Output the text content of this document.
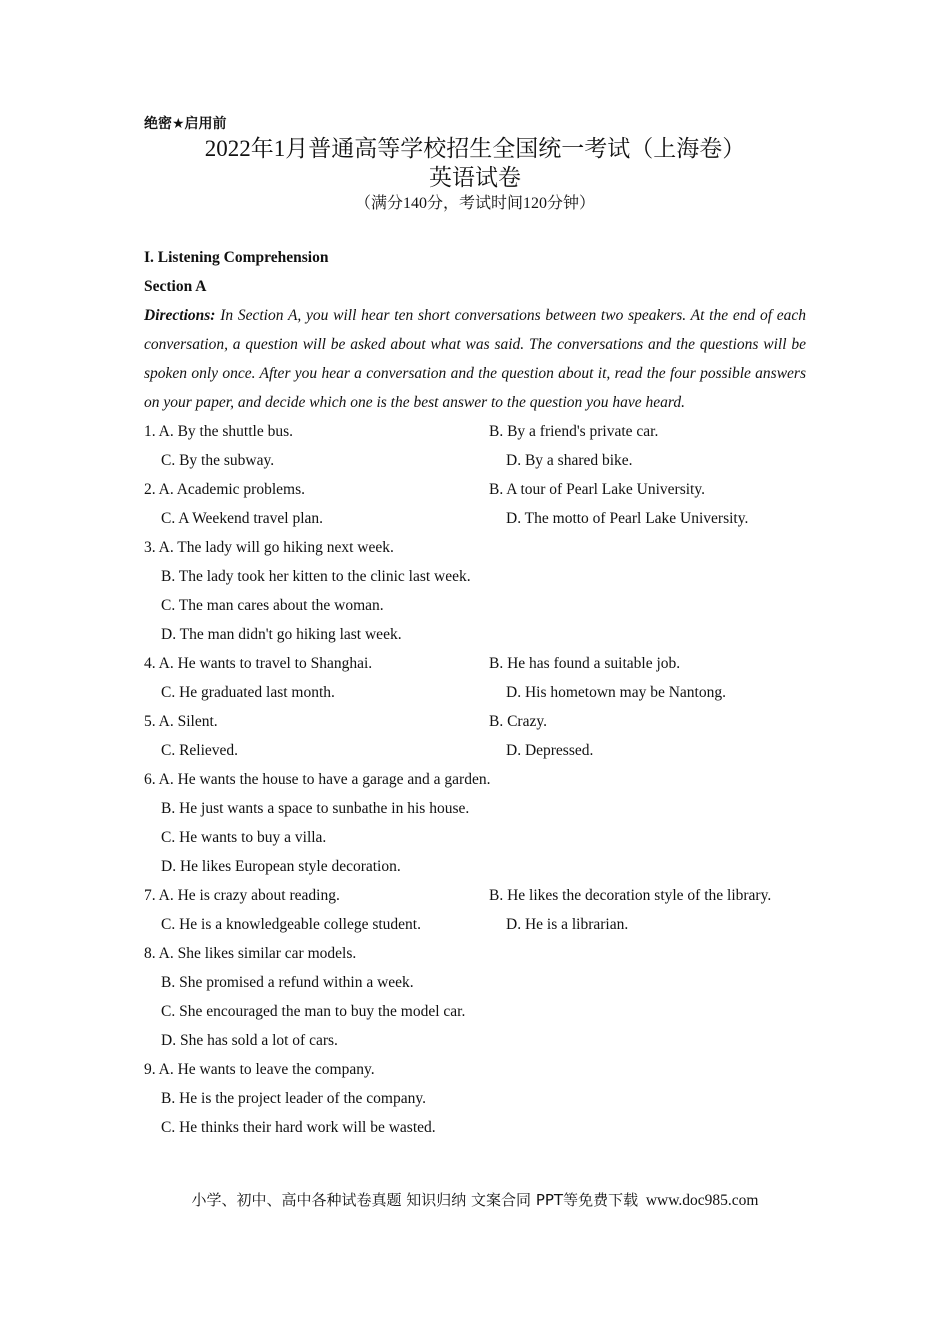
绝密★启用前
2022年1月普通高等学校招生全国统一考试（上海卷）
英语试卷
（满分140分，考试时间120分钟）
I. Listening Comprehension
Section A
Directions: In Section A, you will hear ten short conversations between two speakers. At the end of each conversation, a question will be asked about what was said. The conversations and the questions will be spoken only once. After you hear a conversation and the question about it, read the four possible answers on your paper, and decide which one is the best answer to the question you have heard.
1. A. By the shuttle bus.	B. By a friend's private car.
C. By the subway.	D. By a shared bike.
2. A. Academic problems.	B. A tour of Pearl Lake University.
C. A Weekend travel plan.	D. The motto of Pearl Lake University.
3. A. The lady will go hiking next week.
B. The lady took her kitten to the clinic last week.
C. The man cares about the woman.
D. The man didn't go hiking last week.
4. A. He wants to travel to Shanghai.	B. He has found a suitable job.
C. He graduated last month.	D. His hometown may be Nantong.
5. A. Silent.	B. Crazy.
C. Relieved.	D. Depressed.
6. A. He wants the house to have a garage and a garden.
B. He just wants a space to sunbathe in his house.
C. He wants to buy a villa.
D. He likes European style decoration.
7. A. He is crazy about reading.	B. He likes the decoration style of the library.
C. He is a knowledgeable college student.	D. He is a librarian.
8. A. She likes similar car models.
B. She promised a refund within a week.
C. She encouraged the man to buy the model car.
D. She has sold a lot of cars.
9. A. He wants to leave the company.
B. He is the project leader of the company.
C. He thinks their hard work will be wasted.
小学、初中、高中各种试卷真题 知识归纳 文案合同 PPT等免费下载 www.doc985.com
